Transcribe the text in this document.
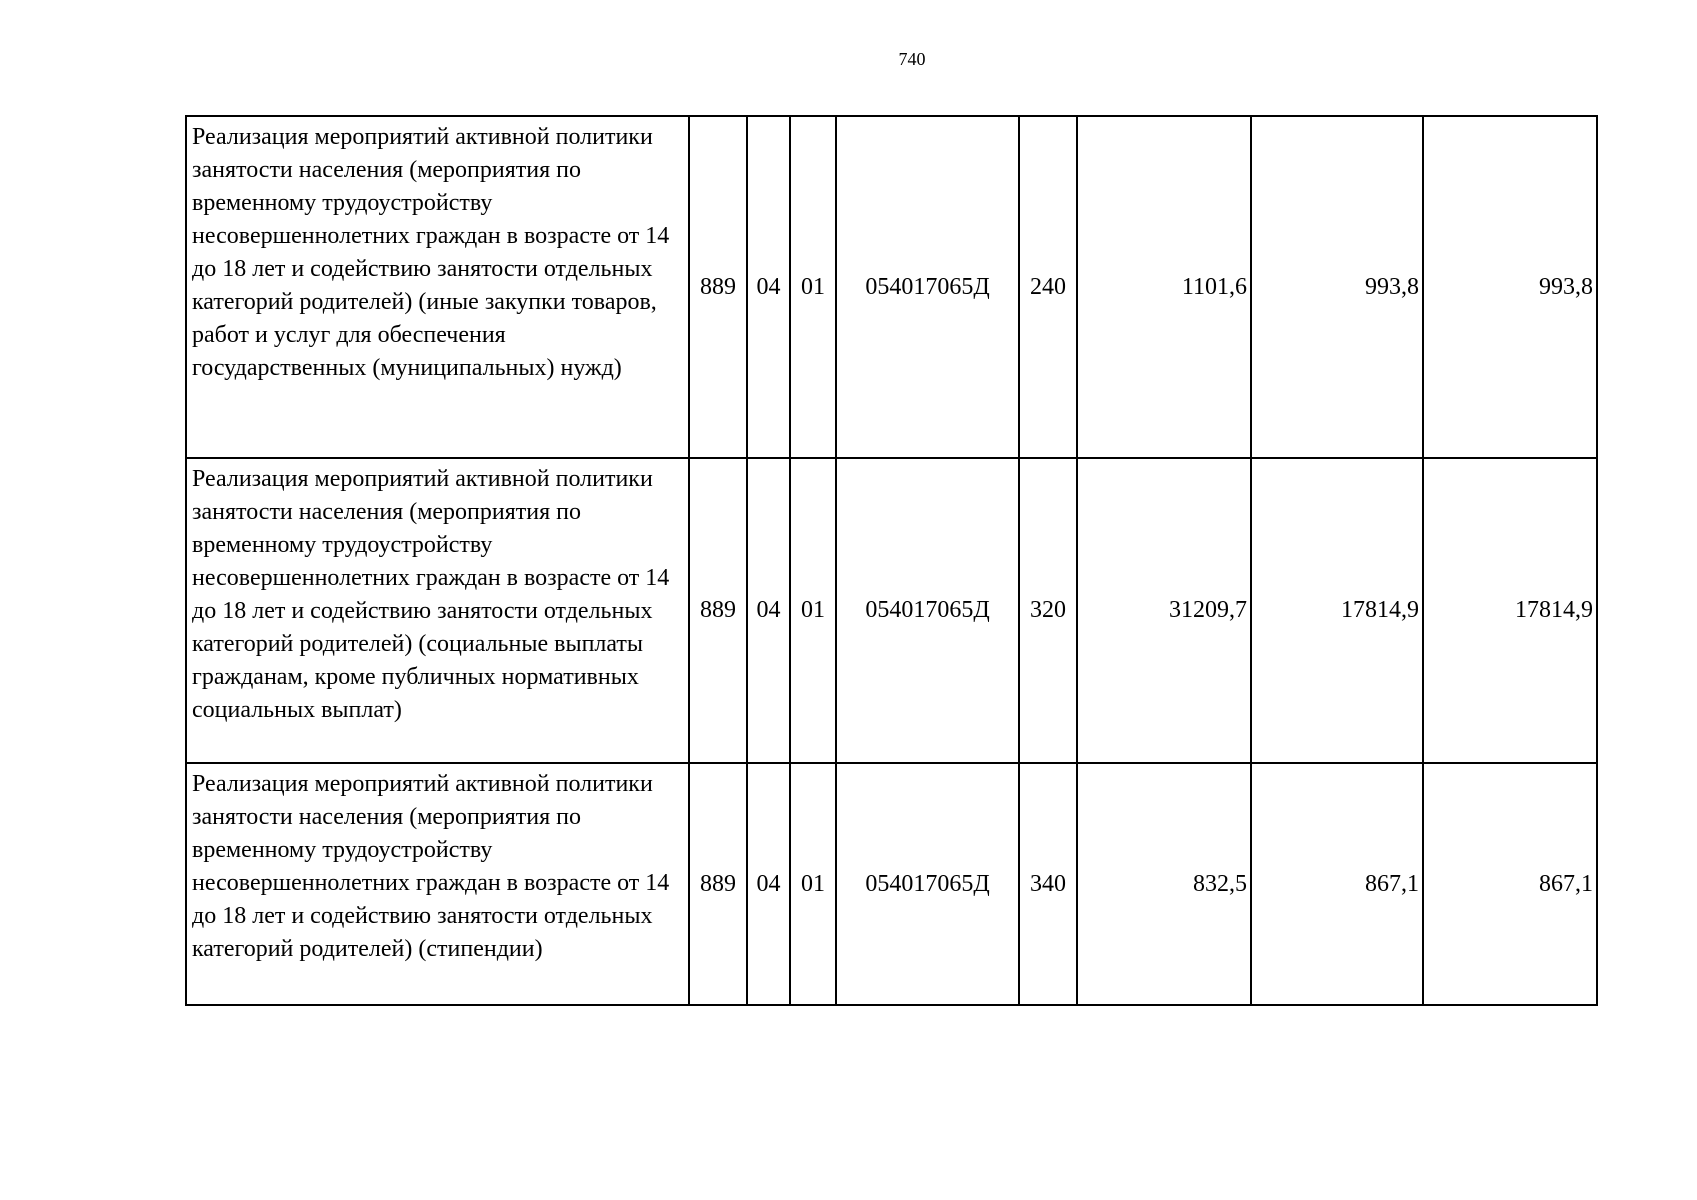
740
Реализация мероприятий активной политики занятости населения (мероприятия по временному трудоустройству несовершеннолетних граждан в возрасте от 14 до 18 лет и содействию занятости отдельных категорий родителей) (иные закупки товаров, работ и услуг для обеспечения государственных (муниципальных) нужд)	889	04	01	054017065Д	240	1101,6	993,8	993,8

Реализация мероприятий активной политики занятости населения (мероприятия по временному трудоустройству несовершеннолетних граждан в возрасте от 14 до 18 лет и содействию занятости отдельных категорий родителей) (социальные выплаты гражданам, кроме публичных нормативных социальных выплат)	889	04	01	054017065Д	320	31209,7	17814,9	17814,9

Реализация мероприятий активной политики занятости населения (мероприятия по временному трудоустройству несовершеннолетних граждан в возрасте от 14 до 18 лет и содействию занятости отдельных категорий родителей) (стипендии)	889	04	01	054017065Д	340	832,5	867,1	867,1
